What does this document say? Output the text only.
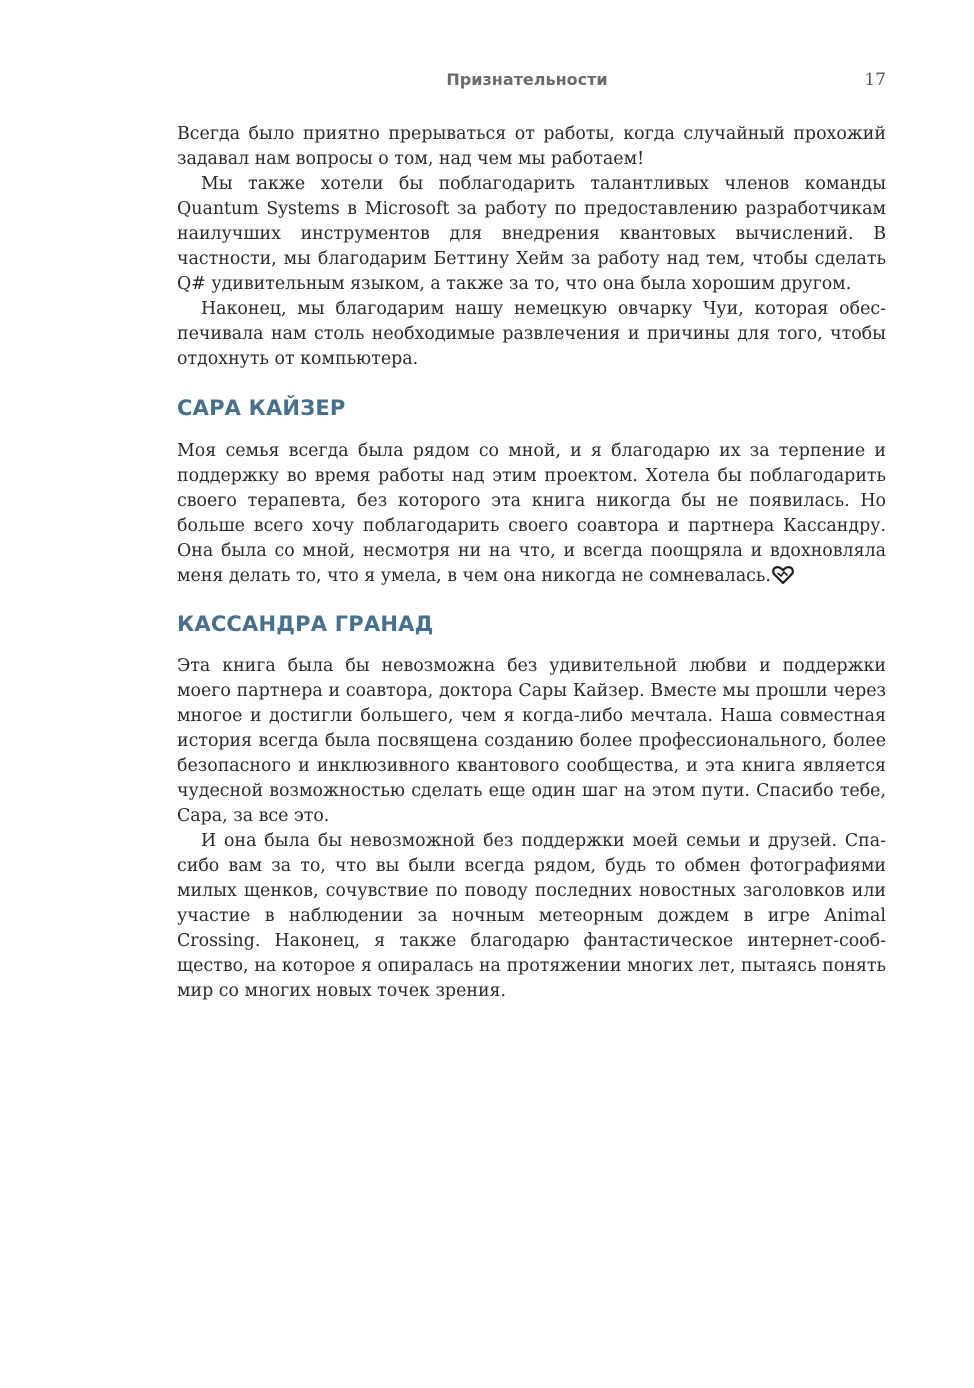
Признательности	17

Всегда было приятно прерываться от работы, когда случайный прохожий задавал нам вопросы о том, над чем мы работаем!

Мы также хотели бы поблагодарить талантливых членов команды Quantum Systems в Microsoft за работу по предоставлению разработчикам наилучших инструментов для внедрения квантовых вычислений. В частности, мы благодарим Беттину Хейм за работу над тем, чтобы сделать Q# удивительным языком, а также за то, что она была хорошим другом.

Наконец, мы благодарим нашу немецкую овчарку Чуи, которая обеспечивала нам столь необходимые развлечения и причины для того, чтобы отдохнуть от компьютера.

САРА КАЙЗЕР

Моя семья всегда была рядом со мной, и я благодарю их за терпение и поддержку во время работы над этим проектом. Хотела бы поблагодарить своего терапевта, без которого эта книга никогда бы не появилась. Но больше всего хочу поблагодарить своего соавтора и партнера Кассандру. Она была со мной, несмотря ни на что, и всегда поощряла и вдохновляла меня делать то, что я умела, в чем она никогда не сомневалась.

КАССАНДРА ГРАНАД

Эта книга была бы невозможна без удивительной любви и поддержки моего партнера и соавтора, доктора Сары Кайзер. Вместе мы прошли через многое и достигли большего, чем я когда-либо мечтала. Наша совместная история всегда была посвящена созданию более профессионального, более безопасного и инклюзивного квантового сообщества, и эта книга является чудесной возможностью сделать еще один шаг на этом пути. Спасибо тебе, Сара, за все это.

И она была бы невозможной без поддержки моей семьи и друзей. Спасибо вам за то, что вы были всегда рядом, будь то обмен фотографиями милых щенков, сочувствие по поводу последних новостных заголовков или участие в наблюдении за ночным метеорным дождем в игре Animal Crossing. Наконец, я также благодарю фантастическое интернет-сообщество, на которое я опиралась на протяжении многих лет, пытаясь понять мир со многих новых точек зрения.
